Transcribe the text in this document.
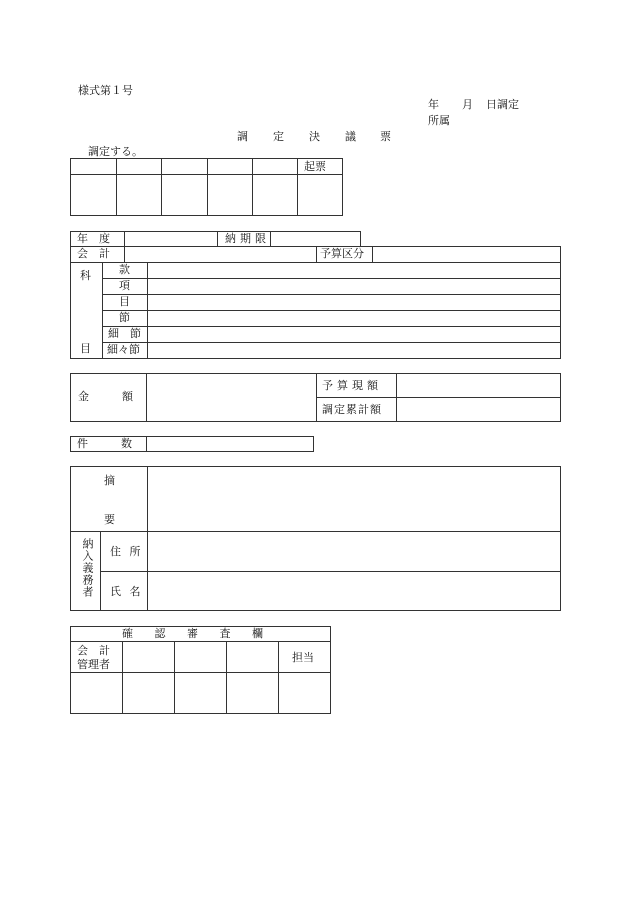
様式第１号
年 月 日調定
所属
調 定 決 議 票
調定する。
起票
年　度	納期限
会　計	予算区分
科
目
款
項
目
節
細　節
細々節
金　　　額
予算現額
調定累計額
件　　　数
摘
要
納入義務者 住 所
氏 名
確 認 審 査 欄
会　計
管理者
担当
